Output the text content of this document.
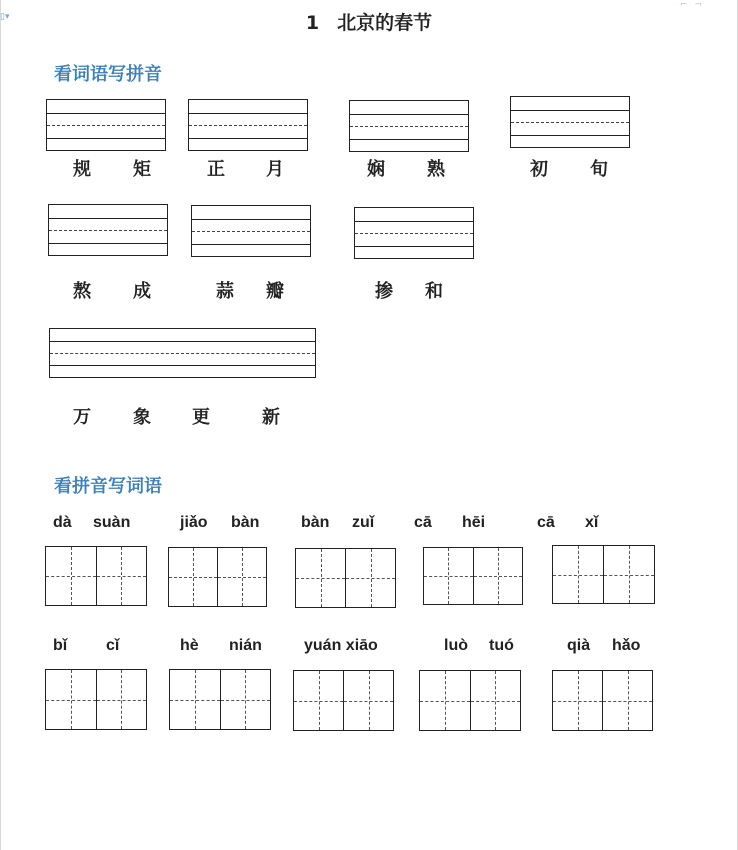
▯▾
⌐ ¬
1 北京的春节
看词语写拼音
规 矩	正 月	娴 熟	初 旬
熬 成	蒜 瓣	掺 和
万 象 更	新
看拼音写词语
dà suàn	jiǎo bàn	bàn zuǐ cā hēi	cā xǐ
bǐ cǐ	hè nián	yuán xiāo	luò tuó	qià hǎo
